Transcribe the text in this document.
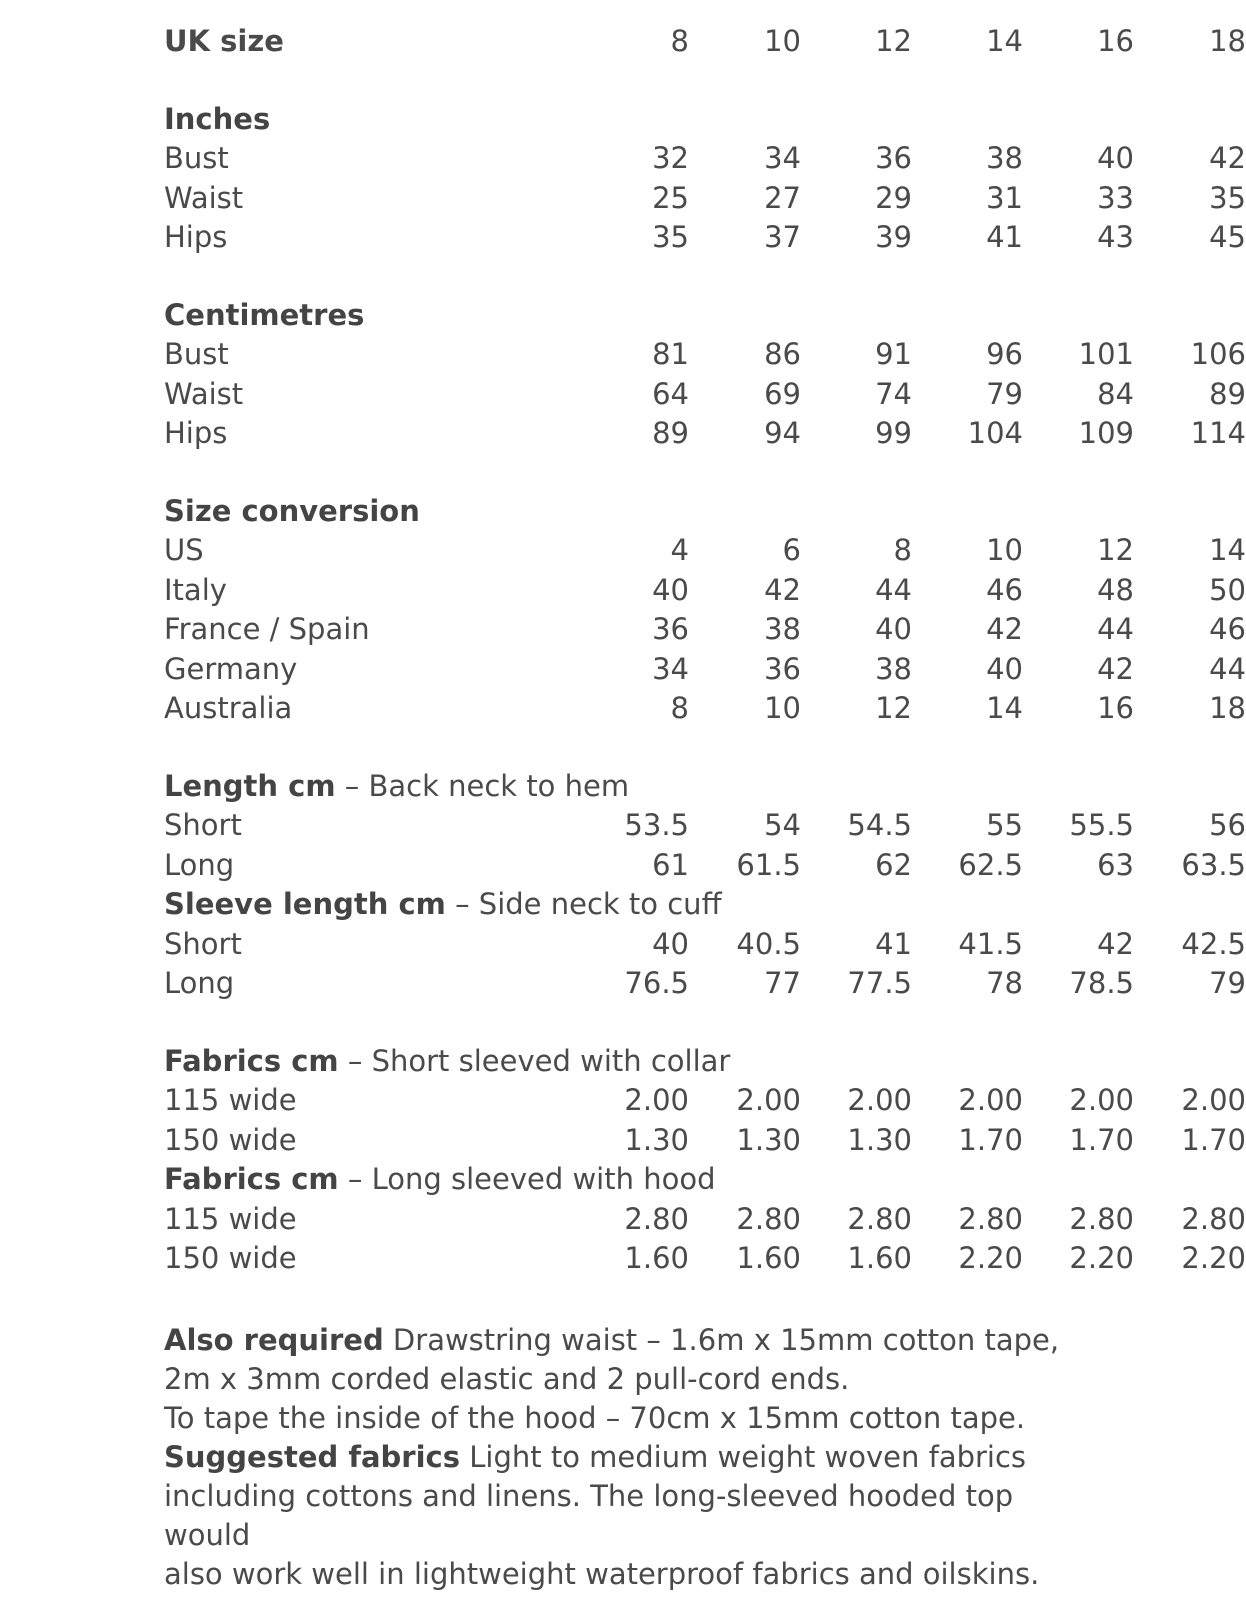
UK size	8	10	12	14	16	18
Inches
Bust	32	34	36	38	40	42
Waist	25	27	29	31	33	35
Hips	35	37	39	41	43	45
Centimetres
Bust	81	86	91	96	101	106
Waist	64	69	74	79	84	89
Hips	89	94	99	104	109	114
Size conversion
US	4	6	8	10	12	14
Italy	40	42	44	46	48	50
France / Spain	36	38	40	42	44	46
Germany	34	36	38	40	42	44
Australia	8	10	12	14	16	18
Length cm – Back neck to hem
Short	53.5	54	54.5	55	55.5	56
Long	61	61.5	62	62.5	63	63.5
Sleeve length cm – Side neck to cuff
Short	40	40.5	41	41.5	42	42.5
Long	76.5	77	77.5	78	78.5	79
Fabrics cm – Short sleeved with collar
115 wide	2.00	2.00	2.00	2.00	2.00	2.00
150 wide	1.30	1.30	1.30	1.70	1.70	1.70
Fabrics cm – Long sleeved with hood
115 wide	2.80	2.80	2.80	2.80	2.80	2.80
150 wide	1.60	1.60	1.60	2.20	2.20	2.20

Also required Drawstring waist – 1.6m x 15mm cotton tape,

2m x 3mm corded elastic and 2 pull-cord ends.

To tape the inside of the hood – 70cm x 15mm cotton tape.

Suggested fabrics Light to medium weight woven fabrics

including cottons and linens. The long-sleeved hooded top would

also work well in lightweight waterproof fabrics and oilskins.
